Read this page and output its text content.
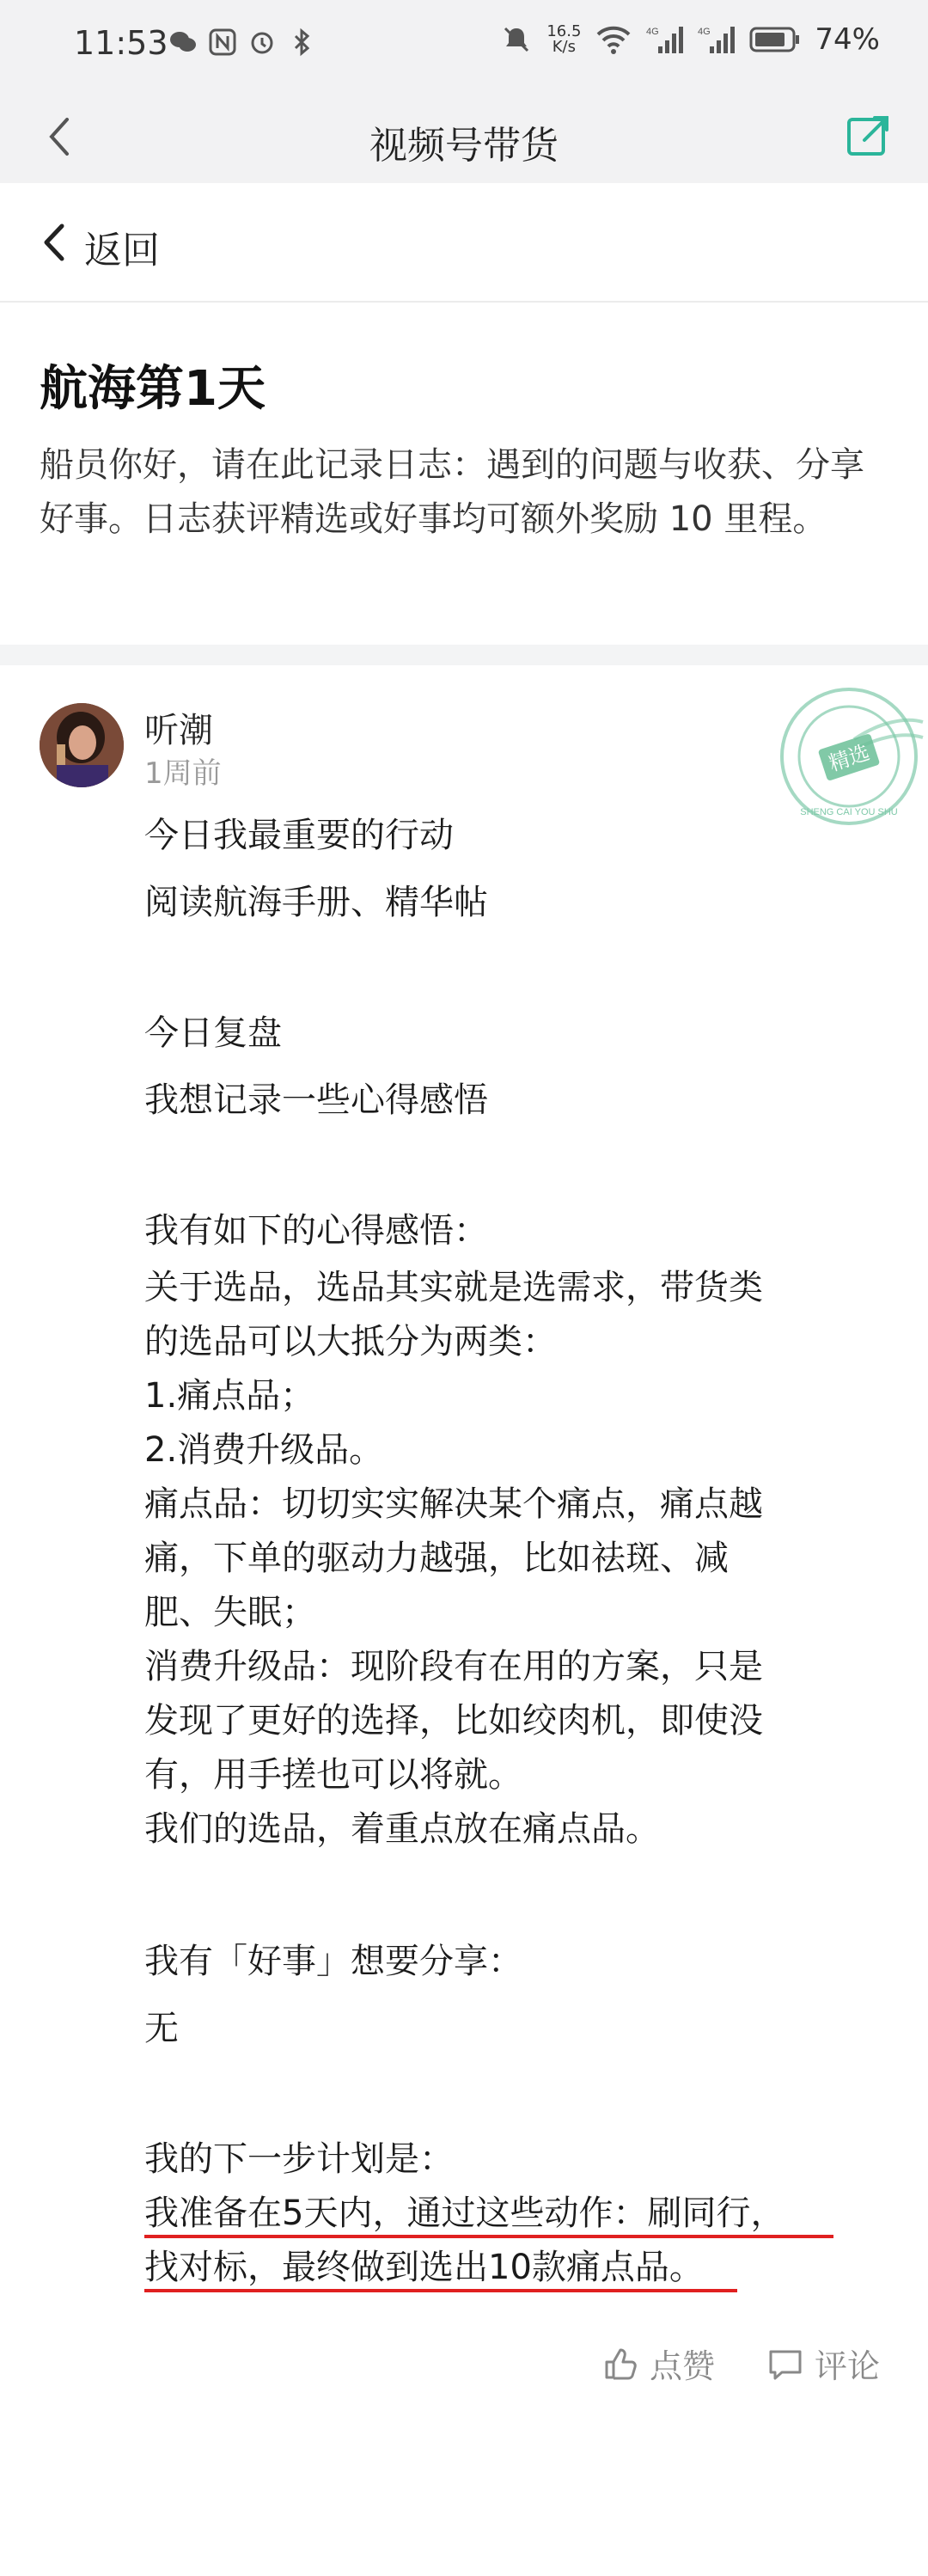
11:53	16.5
K/s
4G	4G	74%
视频号带货
返回
航海第1天
船员你好，请在此记录日志：遇到的问题与收获、分享好事。日志获评精选或好事均可额外奖励 10 里程。
听潮
1周前	精选
SHENG CAI YOU SHU
今日我最重要的行动
阅读航海手册、精华帖
今日复盘
我想记录一些心得感悟
我有如下的心得感悟：
关于选品，选品其实就是选需求，带货类
的选品可以大抵分为两类：
1.痛点品；
2.消费升级品。
痛点品：切切实实解决某个痛点，痛点越
痛，下单的驱动力越强，比如祛斑、减
肥、失眠；
消费升级品：现阶段有在用的方案，只是
发现了更好的选择，比如绞肉机，即使没
有，用手搓也可以将就。
我们的选品，着重点放在痛点品。
我有「好事」想要分享：
无
我的下一步计划是：
我准备在5天内，通过这些动作：刷同行，
找对标，最终做到选出10款痛点品。
点赞	评论
